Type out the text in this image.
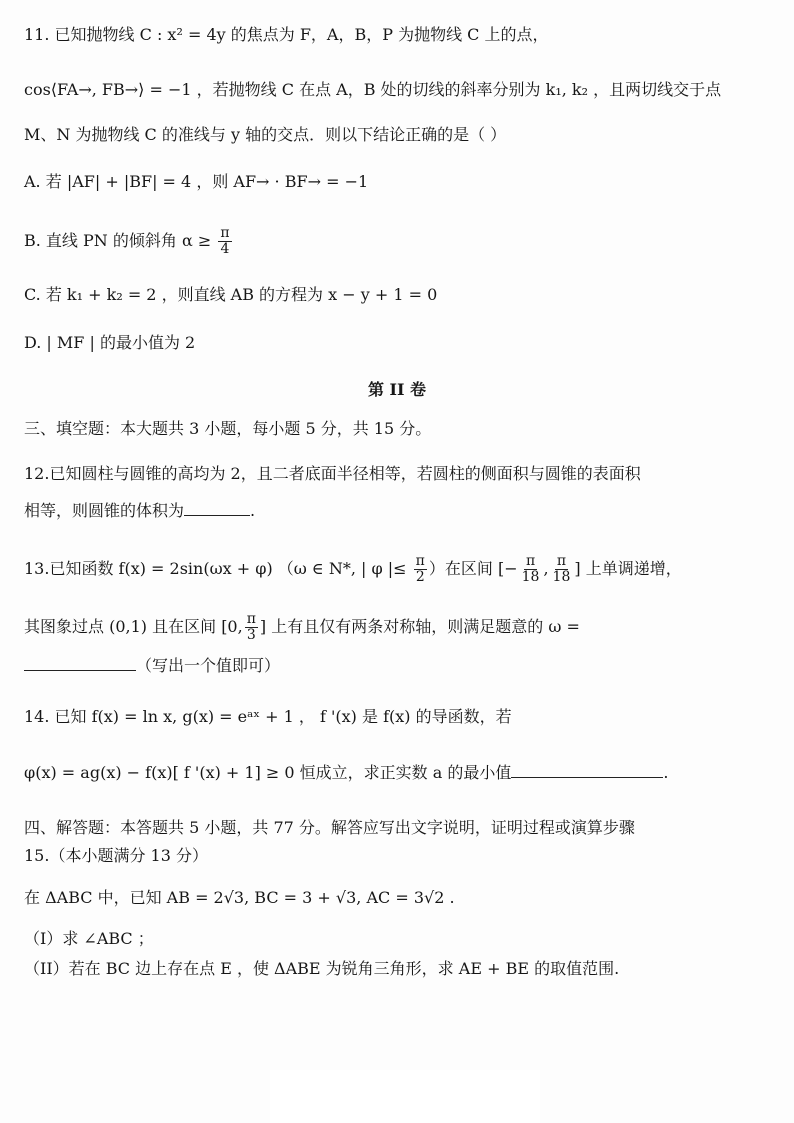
11. 已知抛物线 C : x² = 4y 的焦点为 F，A，B，P 为抛物线 C 上的点，
cos⟨FA→, FB→⟩ = −1 ，若抛物线 C 在点 A，B 处的切线的斜率分别为 k₁, k₂ ，且两切线交于点
M、N 为抛物线 C 的准线与 y 轴的交点．则以下结论正确的是（ ）
A. 若 |AF| + |BF| = 4 ，则 AF→ · BF→ = −1
B. 直线 PN 的倾斜角 $\alpha \ge \frac{\pi}{4}$
C. 若 k₁ + k₂ = 2 ，则直线 AB 的方程为 x − y + 1 = 0
D. | MF | 的最小值为 2
第 II 卷
三、填空题：本大题共 3 小题，每小题 5 分，共 15 分。
12.已知圆柱与圆锥的高均为 2，且二者底面半径相等，若圆柱的侧面积与圆锥的表面积
相等，则圆锥的体积为	.
13.已知函数 f(x) = 2sin(ωx + φ) （ω ∈ N*, | φ |≤ $\frac{\pi}{2}$ ）在区间 [− $\frac{\pi}{18}$ , $\frac{\pi}{18}$ ] 上单调递增，
其图象过点 (0,1) 且在区间 [0, $\frac{\pi}{3}$ ] 上有且仅有两条对称轴，则满足题意的 ω =
（写出一个值即可）
14. 已知 f(x) = ln x, g(x) = eᵃˣ + 1 ， f '(x) 是 f(x) 的导函数，若
φ(x) = ag(x) − f(x)[ f '(x) + 1] ≥ 0 恒成立，求正实数 a 的最小值	.
四、解答题：本答题共 5 小题，共 77 分。解答应写出文字说明，证明过程或演算步骤
15.（本小题满分 13 分）
在 ΔABC 中，已知 AB = 2√3, BC = 3 + √3, AC = 3√2 .
（I）求 ∠ABC ；
（II）若在 BC 边上存在点 E ，使 ΔABE 为锐角三角形，求 AE + BE 的取值范围.
